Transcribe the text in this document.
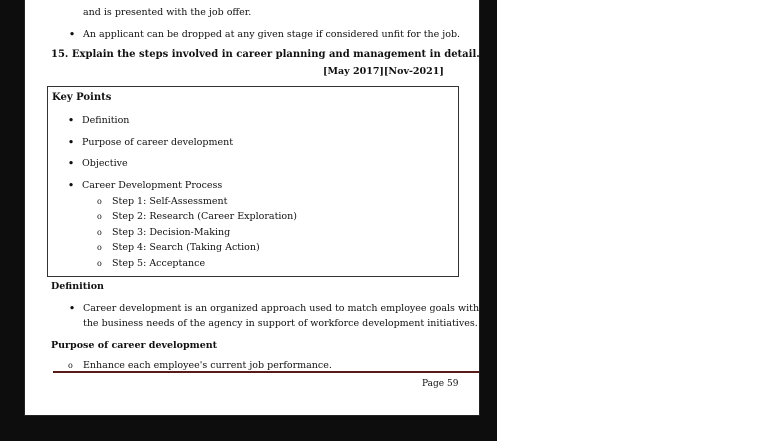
and is presented with the job offer.
• An applicant can be dropped at any given stage if considered unfit for the job.
15. Explain the steps involved in career planning and management in detail.
[May 2017][Nov-2021]
Key Points
• Definition
• Purpose of career development
• Objective
• Career Development Process
o Step 1: Self-Assessment
o Step 2: Research (Career Exploration)
o Step 3: Decision-Making
o Step 4: Search (Taking Action)
o Step 5: Acceptance
Definition
• Career development is an organized approach used to match employee goals with
the business needs of the agency in support of workforce development initiatives.
Purpose of career development
o Enhance each employee's current job performance.
Page 59
